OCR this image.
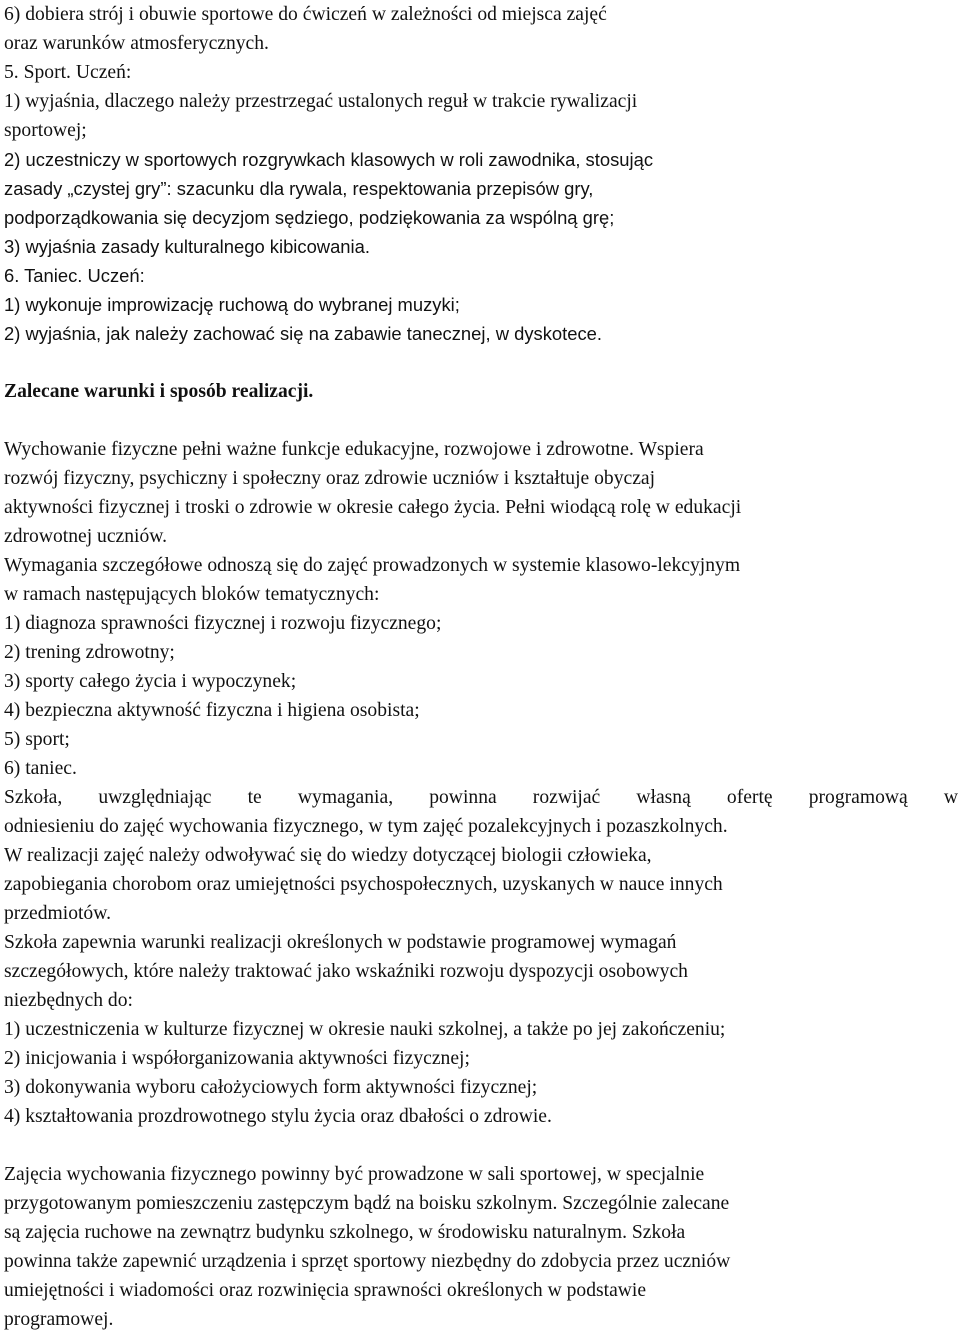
6) dobiera strój i obuwie sportowe do ćwiczeń w zależności od miejsca zajęć
oraz warunków atmosferycznych.
5. Sport. Uczeń:
1) wyjaśnia, dlaczego należy przestrzegać ustalonych reguł w trakcie rywalizacji
sportowej;
2) uczestniczy w sportowych rozgrywkach klasowych w roli zawodnika, stosując
zasady „czystej gry”: szacunku dla rywala, respektowania przepisów gry,
podporządkowania się decyzjom sędziego, podziękowania za wspólną grę;
3) wyjaśnia zasady kulturalnego kibicowania.
6. Taniec. Uczeń:
1) wykonuje improwizację ruchową do wybranej muzyki;
2) wyjaśnia, jak należy zachować się na zabawie tanecznej, w dyskotece.
Zalecane warunki i sposób realizacji.
Wychowanie fizyczne pełni ważne funkcje edukacyjne, rozwojowe i zdrowotne. Wspiera
rozwój fizyczny, psychiczny i społeczny oraz zdrowie uczniów i kształtuje obyczaj
aktywności fizycznej i troski o zdrowie w okresie całego życia. Pełni wiodącą rolę w edukacji
zdrowotnej uczniów.
Wymagania szczegółowe odnoszą się do zajęć prowadzonych w systemie klasowo-lekcyjnym
w ramach następujących bloków tematycznych:
1) diagnoza sprawności fizycznej i rozwoju fizycznego;
2) trening zdrowotny;
3) sporty całego życia i wypoczynek;
4) bezpieczna aktywność fizyczna i higiena osobista;
5) sport;
6) taniec.
Szkoła, uwzględniając te wymagania, powinna rozwijać własną ofertę programową w
odniesieniu do zajęć wychowania fizycznego, w tym zajęć pozalekcyjnych i pozaszkolnych.
W realizacji zajęć należy odwoływać się do wiedzy dotyczącej biologii człowieka,
zapobiegania chorobom oraz umiejętności psychospołecznych, uzyskanych w nauce innych
przedmiotów.
Szkoła zapewnia warunki realizacji określonych w podstawie programowej wymagań
szczegółowych, które należy traktować jako wskaźniki rozwoju dyspozycji osobowych
niezbędnych do:
1) uczestniczenia w kulturze fizycznej w okresie nauki szkolnej, a także po jej zakończeniu;
2) inicjowania i współorganizowania aktywności fizycznej;
3) dokonywania wyboru całożyciowych form aktywności fizycznej;
4) kształtowania prozdrowotnego stylu życia oraz dbałości o zdrowie.
Zajęcia wychowania fizycznego powinny być prowadzone w sali sportowej, w specjalnie
przygotowanym pomieszczeniu zastępczym bądź na boisku szkolnym. Szczególnie zalecane
są zajęcia ruchowe na zewnątrz budynku szkolnego, w środowisku naturalnym. Szkoła
powinna także zapewnić urządzenia i sprzęt sportowy niezbędny do zdobycia przez uczniów
umiejętności i wiadomości oraz rozwinięcia sprawności określonych w podstawie
programowej.
